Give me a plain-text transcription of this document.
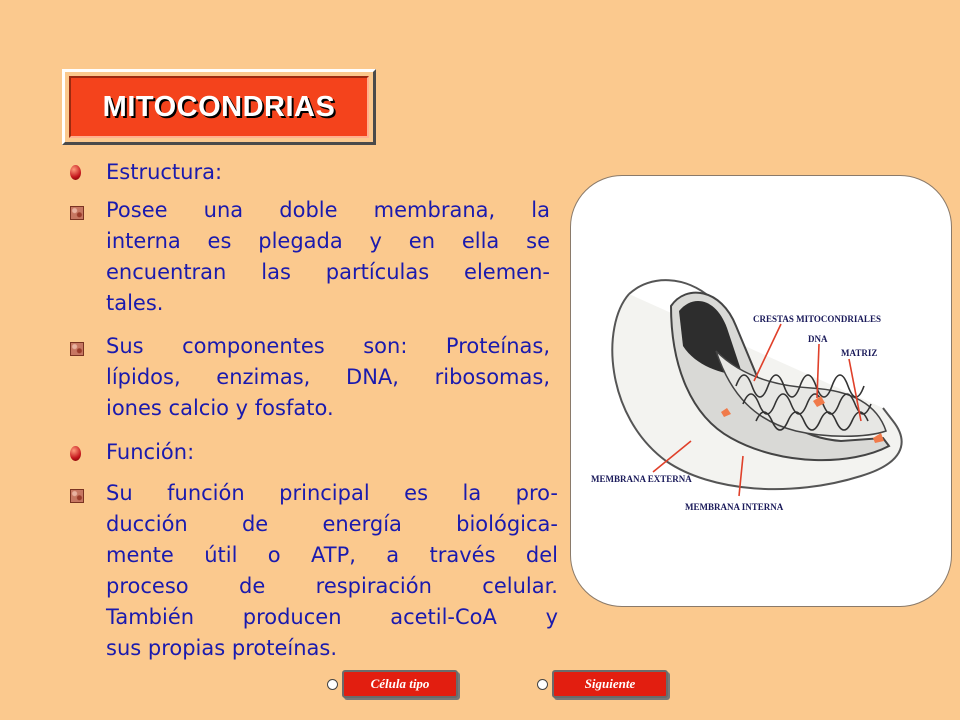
MITOCONDRIAS
Estructura:
Posee una doble membrana, la
interna es plegada y en ella se
encuentran las partículas elemen-
tales.
Sus componentes son: Proteínas,
lípidos, enzimas, DNA, ribosomas,
iones calcio y fosfato.
Función:
Su función principal es la pro-
ducción de energía biológica-
mente útil o ATP, a través del
proceso de respiración celular.
También producen acetil-CoA y
sus propias proteínas.
CRESTAS MITOCONDRIALES
DNA
MATRIZ
MEMBRANA EXTERNA
MEMBRANA INTERNA
Célula tipo	Siguiente
